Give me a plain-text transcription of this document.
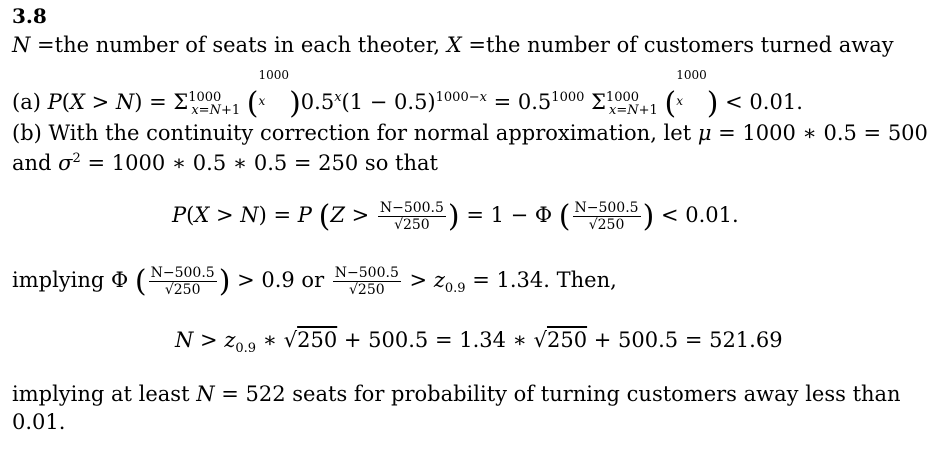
3.8
N =the number of seats in each theoter, X =the number of customers turned away
(a) $P(X > N) = \Sigma^{1000}_{x=N+1}$ (1000
x )$0.5^x(1 - 0.5)^{1000-x} = 0.5^{1000}$ $\Sigma^{1000}_{x=N+1}$ (1000
x ) < 0.01.
(b) With the continuity correction for normal approximation, let μ = 1000 ∗ 0.5 = 500
and $\sigma^2 = 1000$ ∗ 0.5 ∗ 0.5 = 250 so that
P(X > N) = P ($Z > \frac{N-500.5}{√250}$ ) = 1 − Φ ( $\frac{N-500.5}{√250}$ ) < 0.01.
implying Φ ( $\frac{N-500.5}{√250}$ ) > 0.9 or $\frac{N-500.5}{√250} > z_{0.9} = 1.34$. Then,
$N > z_{0.9}$ ∗ √250 + 500.5 = 1.34 ∗ √250 + 500.5 = 521.69
implying at least N = 522 seats for probability of turning customers away less than
0.01.
